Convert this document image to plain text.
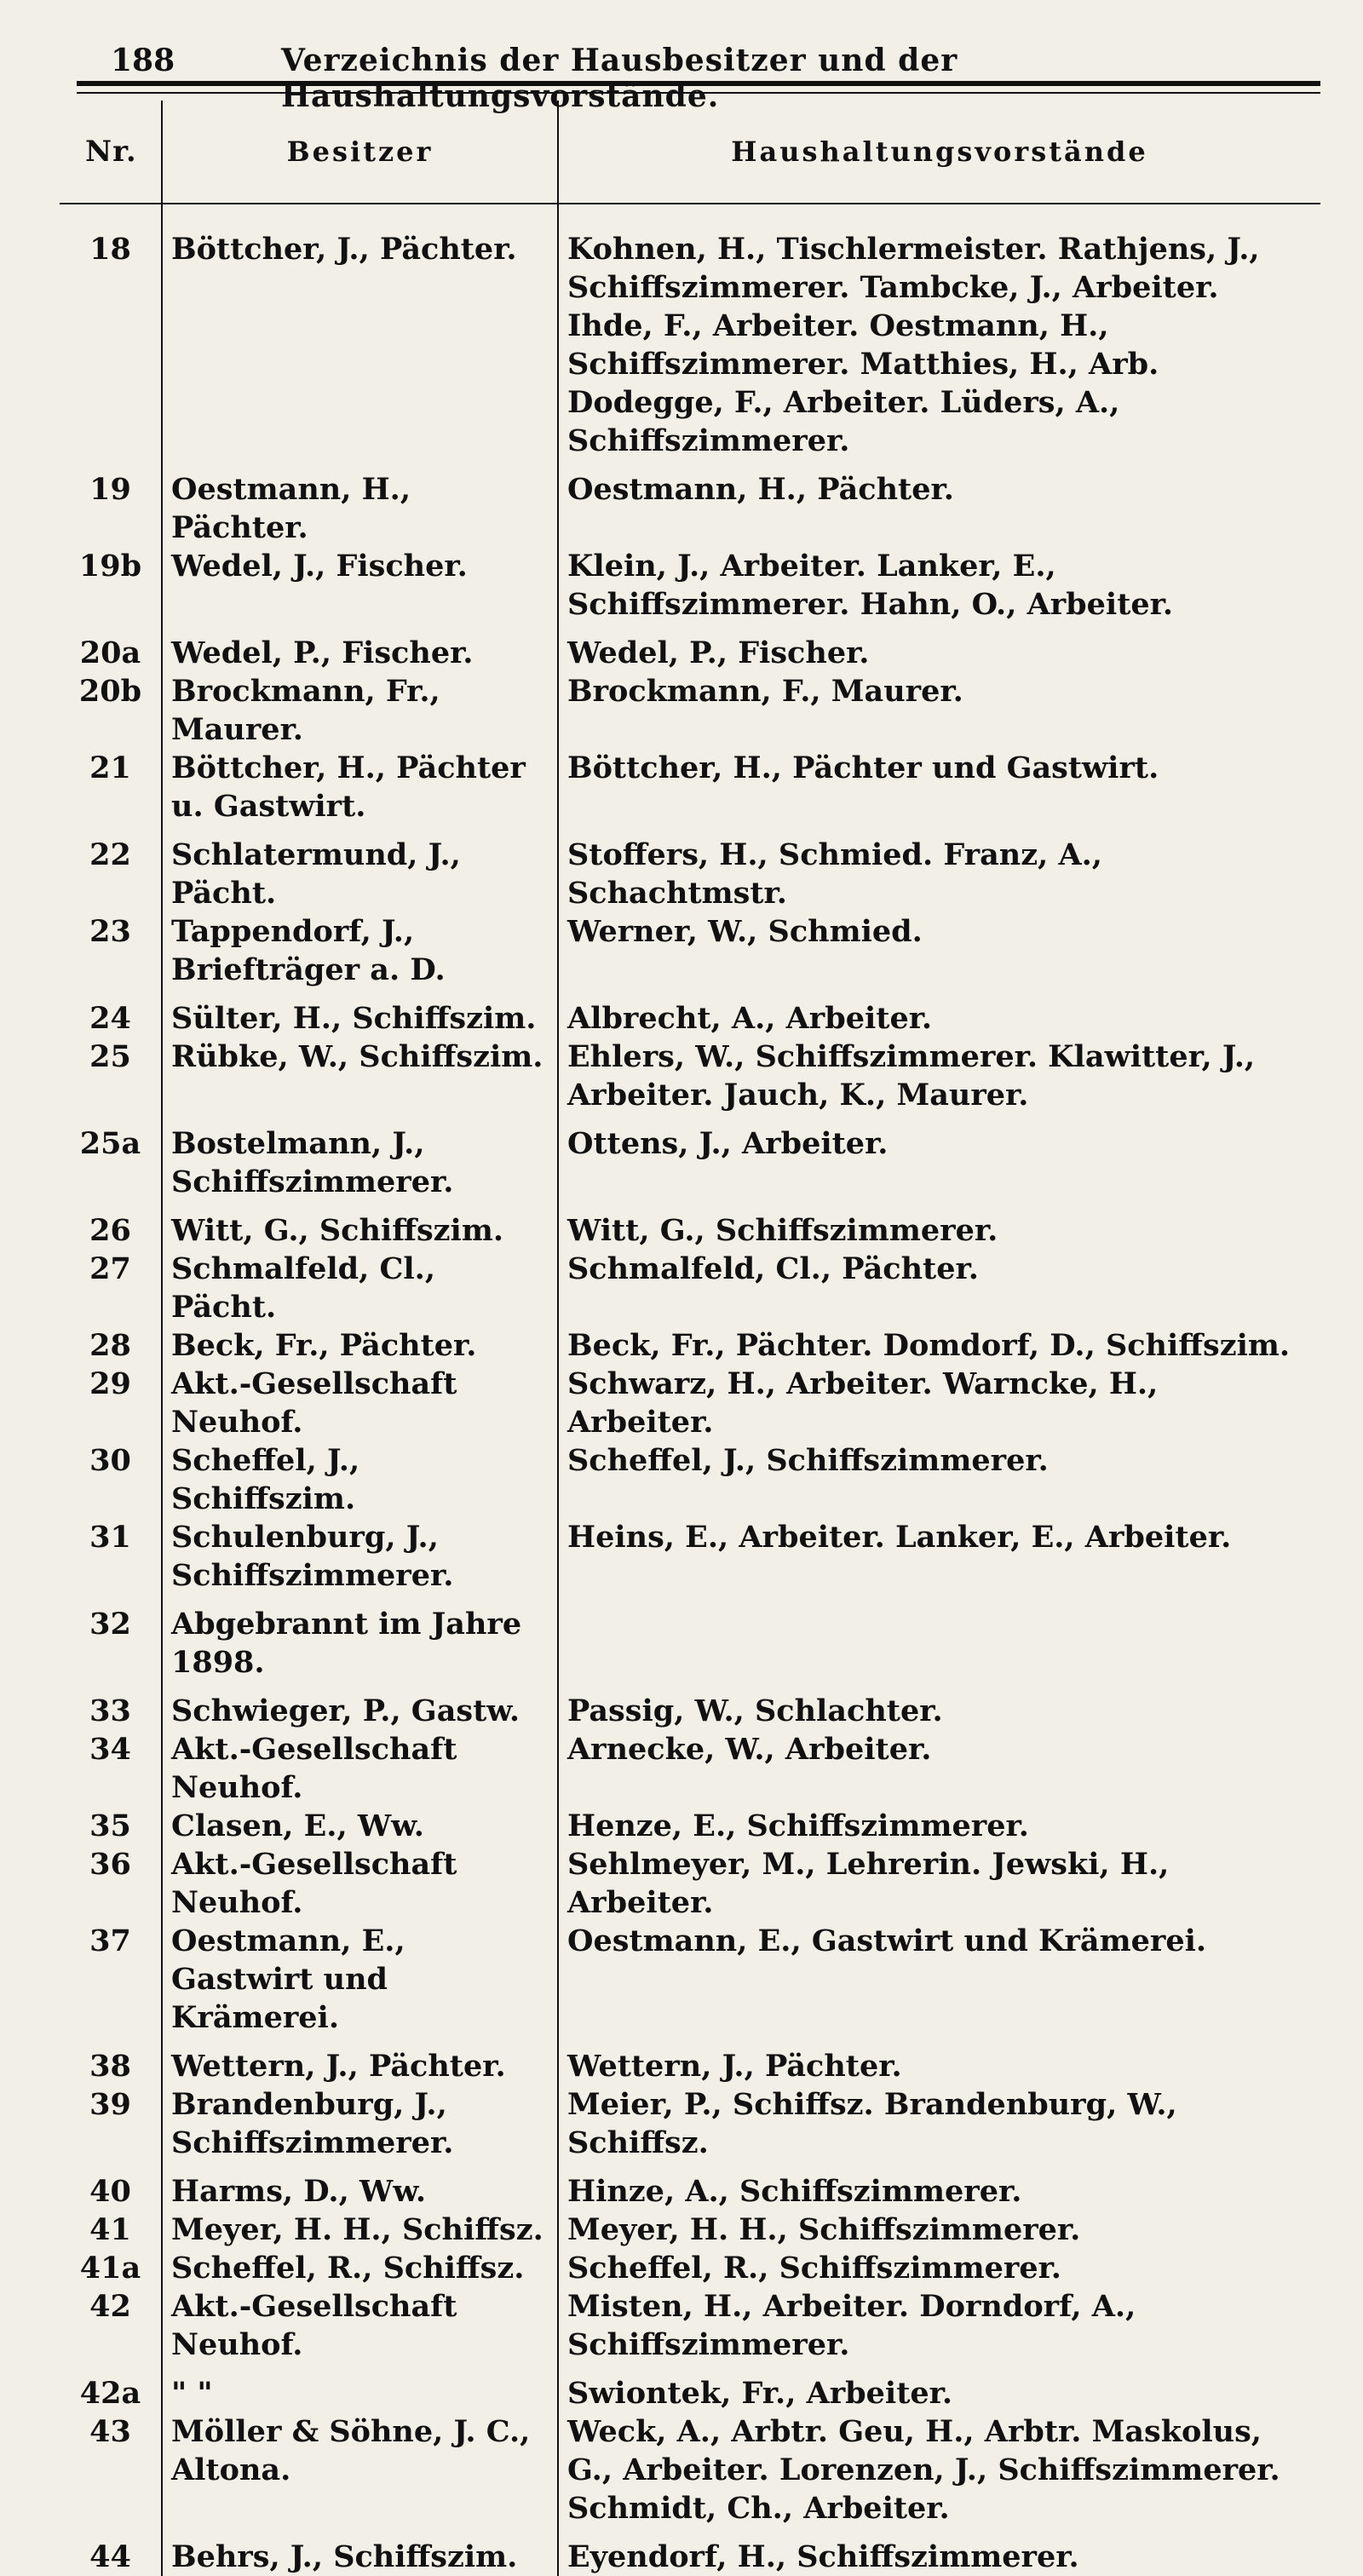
188	Verzeichnis der Hausbesitzer und der Haushaltungsvorstände.
Nr.	Besitzer	Haushaltungsvorstände
18	Böttcher, J., Pächter.	Kohnen, H., Tischlermeister. Rathjens, J., Schiffszimmerer. Tambcke, J., Arbeiter. Ihde, F., Arbeiter. Oestmann, H., Schiffszimmerer. Matthies, H., Arb. Dodegge, F., Arbeiter. Lüders, A., Schiffszimmerer.
19	Oestmann, H., Pächter.	Oestmann, H., Pächter.
19b	Wedel, J., Fischer.	Klein, J., Arbeiter. Lanker, E., Schiffszimmerer. Hahn, O., Arbeiter.
20a	Wedel, P., Fischer.	Wedel, P., Fischer.
20b	Brockmann, Fr., Maurer.	Brockmann, F., Maurer.
21	Böttcher, H., Pächter u. Gastwirt.	Böttcher, H., Pächter und Gastwirt.
22	Schlatermund, J., Pächt.	Stoffers, H., Schmied. Franz, A., Schachtmstr.
23	Tappendorf, J., Briefträger a. D.	Werner, W., Schmied.
24	Sülter, H., Schiffszim.	Albrecht, A., Arbeiter.
25	Rübke, W., Schiffszim.	Ehlers, W., Schiffszimmerer. Klawitter, J., Arbeiter. Jauch, K., Maurer.
25a	Bostelmann, J., Schiffszimmerer.	Ottens, J., Arbeiter.
26	Witt, G., Schiffszim.	Witt, G., Schiffszimmerer.
27	Schmalfeld, Cl., Pächt.	Schmalfeld, Cl., Pächter.
28	Beck, Fr., Pächter.	Beck, Fr., Pächter. Domdorf, D., Schiffszim.
29	Akt.-Gesellschaft Neuhof.	Schwarz, H., Arbeiter. Warncke, H., Arbeiter.
30	Scheffel, J., Schiffszim.	Scheffel, J., Schiffszimmerer.
31	Schulenburg, J., Schiffszimmerer.	Heins, E., Arbeiter. Lanker, E., Arbeiter.
32	Abgebrannt im Jahre 1898.	
33	Schwieger, P., Gastw.	Passig, W., Schlachter.
34	Akt.-Gesellschaft Neuhof.	Arnecke, W., Arbeiter.
35	Clasen, E., Ww.	Henze, E., Schiffszimmerer.
36	Akt.-Gesellschaft Neuhof.	Sehlmeyer, M., Lehrerin. Jewski, H., Arbeiter.
37	Oestmann, E., Gastwirt und Krämerei.	Oestmann, E., Gastwirt und Krämerei.
38	Wettern, J., Pächter.	Wettern, J., Pächter.
39	Brandenburg, J., Schiffszimmerer.	Meier, P., Schiffsz. Brandenburg, W., Schiffsz.
40	Harms, D., Ww.	Hinze, A., Schiffszimmerer.
41	Meyer, H. H., Schiffsz.	Meyer, H. H., Schiffszimmerer.
41a	Scheffel, R., Schiffsz.	Scheffel, R., Schiffszimmerer.
42	Akt.-Gesellschaft Neuhof.	Misten, H., Arbeiter. Dorndorf, A., Schiffszimmerer.
42a	" "	Swiontek, Fr., Arbeiter.
43	Möller & Söhne, J. C., Altona.	Weck, A., Arbtr. Geu, H., Arbtr. Maskolus, G., Arbeiter. Lorenzen, J., Schiffszimmerer. Schmidt, Ch., Arbeiter.
44	Behrs, J., Schiffszim.	Eyendorf, H., Schiffszimmerer.
